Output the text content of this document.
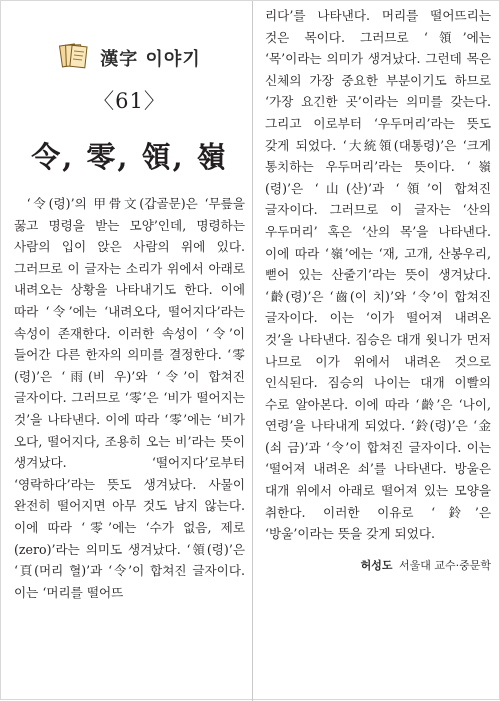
漢字 이야기
〈61〉
令, 零, 領, 嶺

‘令(령)’의 甲骨文(갑골문)은 ‘무릎을 꿇고 명령을 받는 모양’인데, 명령하는 사람의 입이 앉은 사람의 위에 있다. 그러므로 이 글자는 소리가 위에서 아래로 내려오는 상황을 나타내기도 한다. 이에 따라 ‘令’에는 ‘내려오다, 떨어지다’라는 속성이 존재한다. 이러한 속성이 ‘令’이 들어간 다른 한자의 의미를 결정한다. ‘零(령)’은 ‘雨(비 우)’와 ‘令’이 합쳐진 글자이다. 그러므로 ‘零’은 ‘비가 떨어지는 것’을 나타낸다. 이에 따라 ‘零’에는 ‘비가 오다, 떨어지다, 조용히 오는 비’라는 뜻이 생겨났다. ‘떨어지다’로부터 ‘영락하다’라는 뜻도 생겨났다. 사물이 완전히 떨어지면 아무 것도 남지 않는다. 이에 따라 ‘零’에는 ‘수가 없음, 제로(zero)’라는 의미도 생겨났다. ‘領(령)’은 ‘頁(머리 혈)’과 ‘令’이 합쳐진 글자이다. 이는 ‘머리를 떨어뜨

리다’를 나타낸다. 머리를 떨어뜨리는 것은 목이다. 그러므로 ‘領’에는 ‘목’이라는 의미가 생겨났다. 그런데 목은 신체의 가장 중요한 부분이기도 하므로 ‘가장 요긴한 곳’이라는 의미를 갖는다. 그리고 이로부터 ‘우두머리’라는 뜻도 갖게 되었다. ‘大統領(대통령)’은 ‘크게 통치하는 우두머리’라는 뜻이다. ‘嶺(령)’은 ‘山(산)’과 ‘領’이 합쳐진 글자이다. 그러므로 이 글자는 ‘산의 우두머리’ 혹은 ‘산의 목’을 나타낸다. 이에 따라 ‘嶺’에는 ‘재, 고개, 산봉우리, 뻗어 있는 산줄기’라는 뜻이 생겨났다. ‘齡(령)’은 ‘齒(이 치)’와 ‘令’이 합쳐진 글자이다. 이는 ‘이가 떨어져 내려온 것’을 나타낸다. 짐승은 대개 윗니가 먼저 나므로 이가 위에서 내려온 것으로 인식된다. 짐승의 나이는 대개 이빨의 수로 알아본다. 이에 따라 ‘齡’은 ‘나이, 연령’을 나타내게 되었다. ‘鈴(령)’은 ‘金(쇠 금)’과 ‘令’이 합쳐진 글자이다. 이는 ‘떨어져 내려온 쇠’를 나타낸다. 방울은 대개 위에서 아래로 떨어져 있는 모양을 취한다. 이러한 이유로 ‘鈴’은 ‘방울’이라는 뜻을 갖게 되었다.

허성도 서울대 교수·중문학
